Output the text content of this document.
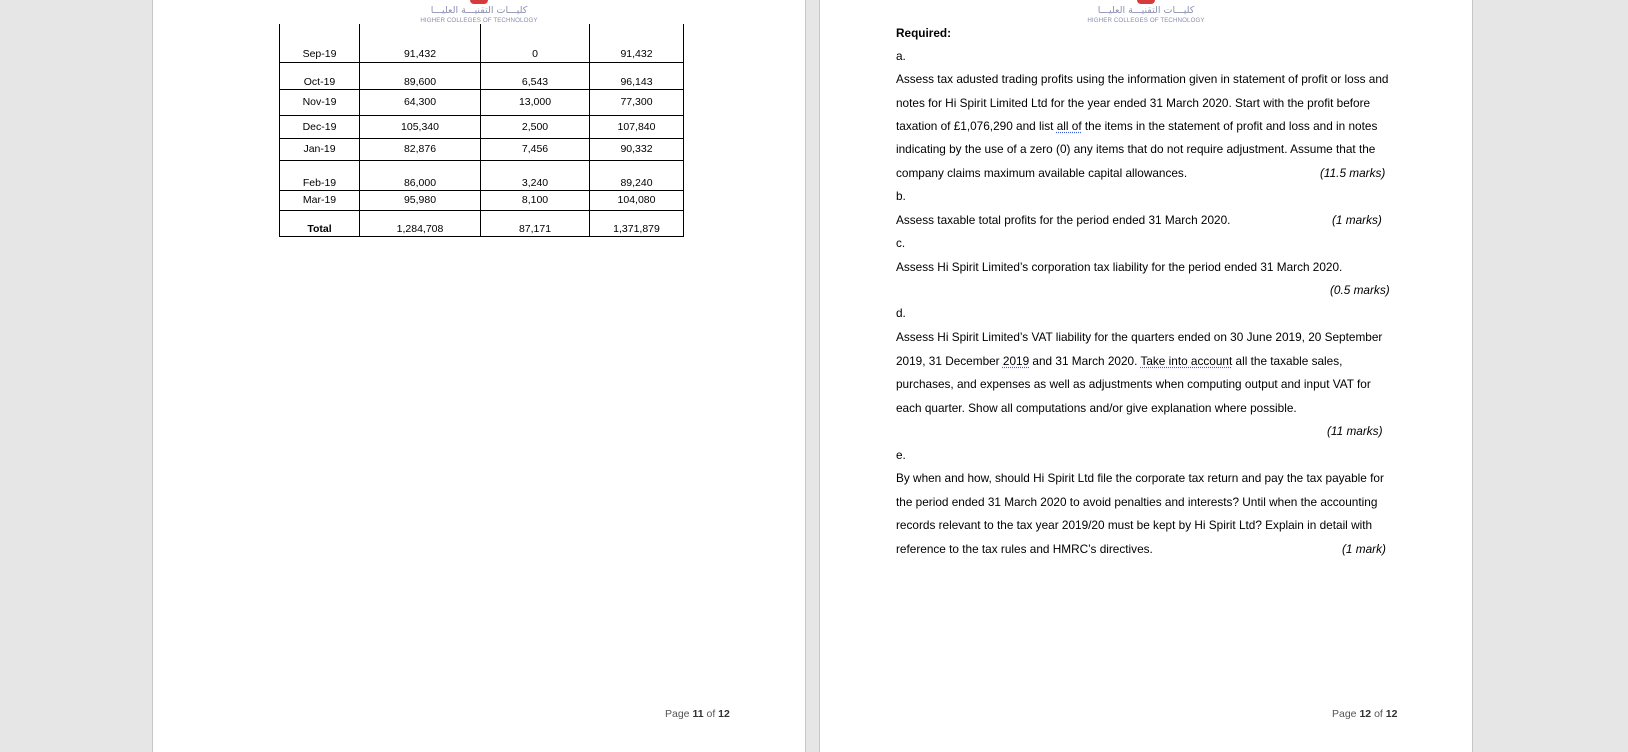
كليـــات التقنيـــة العليـــا
HIGHER COLLEGES OF TECHNOLOGY
Sep-19	91,432	0	91,432
Oct-19	89,600	6,543	96,143
Nov-19	64,300	13,000	77,300
Dec-19	105,340	2,500	107,840
Jan-19	82,876	7,456	90,332
Feb-19	86,000	3,240	89,240
Mar-19	95,980	8,100	104,080
Total	1,284,708	87,171	1,371,879
Page 11 of 12
كليـــات التقنيـــة العليـــا
HIGHER COLLEGES OF TECHNOLOGY
Required:
a.
Assess tax adusted trading profits using the information given in statement of profit or loss and
notes for Hi Spirit Limited Ltd for the year ended 31 March 2020. Start with the profit before
taxation of £1,076,290 and list all of the items in the statement of profit and loss and in notes
indicating by the use of a zero (0) any items that do not require adjustment. Assume that the
company claims maximum available capital allowances.	(11.5 marks)
b.
Assess taxable total profits for the period ended 31 March 2020.	(1 marks)
c.
Assess Hi Spirit Limited’s corporation tax liability for the period ended 31 March 2020.
(0.5 marks)
d.
Assess Hi Spirit Limited’s VAT liability for the quarters ended on 30 June 2019, 20 September
2019, 31 December 2019 and 31 March 2020. Take into account all the taxable sales,
purchases, and expenses as well as adjustments when computing output and input VAT for
each quarter. Show all computations and/or give explanation where possible.
(11 marks)
e.
By when and how, should Hi Spirit Ltd file the corporate tax return and pay the tax payable for
the period ended 31 March 2020 to avoid penalties and interests? Until when the accounting
records relevant to the tax year 2019/20 must be kept by Hi Spirit Ltd? Explain in detail with
reference to the tax rules and HMRC’s directives.	(1 mark)
Page 12 of 12
